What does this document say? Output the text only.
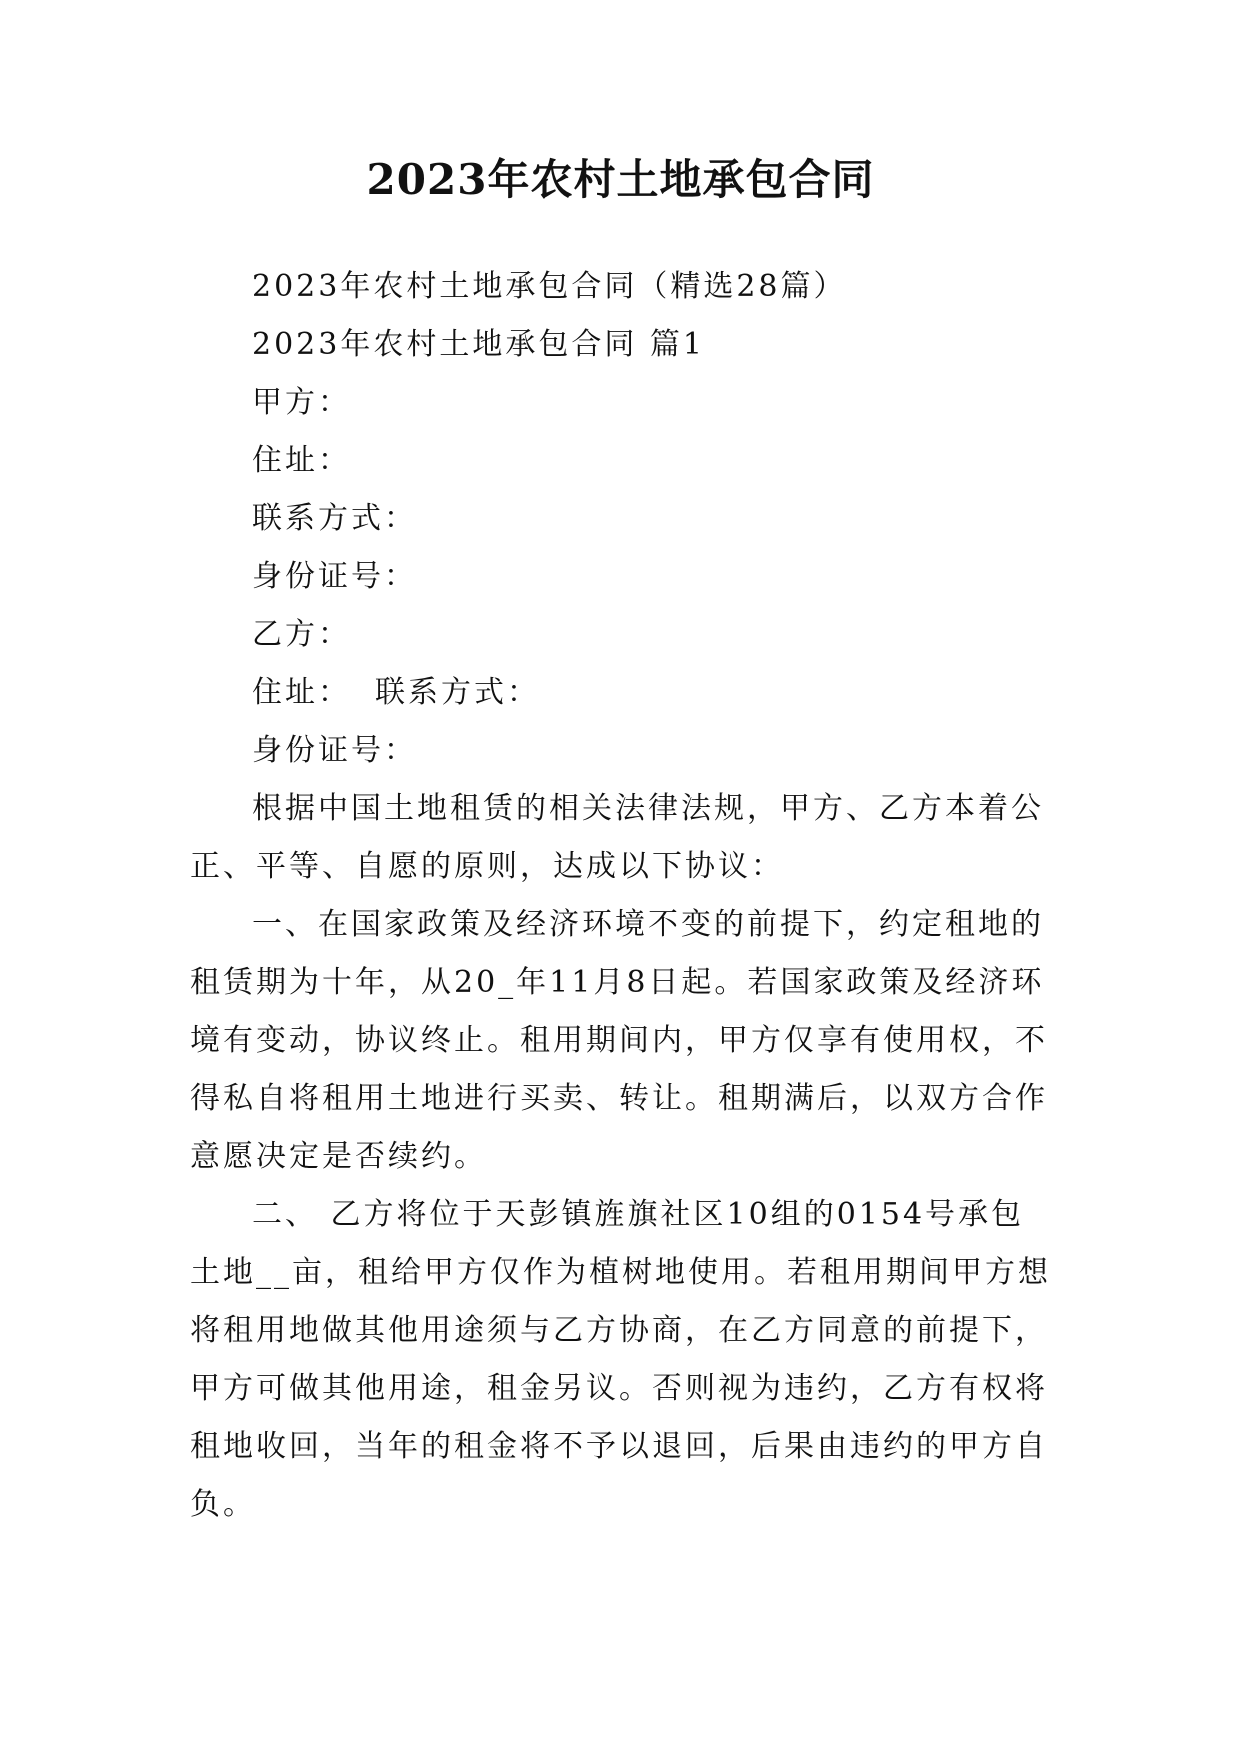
2023年农村土地承包合同

2023年农村土地承包合同（精选28篇）

2023年农村土地承包合同 篇1

甲方：

住址：

联系方式：

身份证号：

乙方：

住址： 联系方式：

身份证号：

根据中国土地租赁的相关法律法规，甲方、乙方本着公

正、平等、自愿的原则，达成以下协议：

一、在国家政策及经济环境不变的前提下，约定租地的

租赁期为十年，从20_年11月8日起。若国家政策及经济环

境有变动，协议终止。租用期间内，甲方仅享有使用权，不

得私自将租用土地进行买卖、转让。租期满后，以双方合作

意愿决定是否续约。

二、 乙方将位于天彭镇旌旗社区10组的0154号承包

土地__亩，租给甲方仅作为植树地使用。若租用期间甲方想

将租用地做其他用途须与乙方协商，在乙方同意的前提下，

甲方可做其他用途，租金另议。否则视为违约，乙方有权将

租地收回，当年的租金将不予以退回，后果由违约的甲方自

负。
